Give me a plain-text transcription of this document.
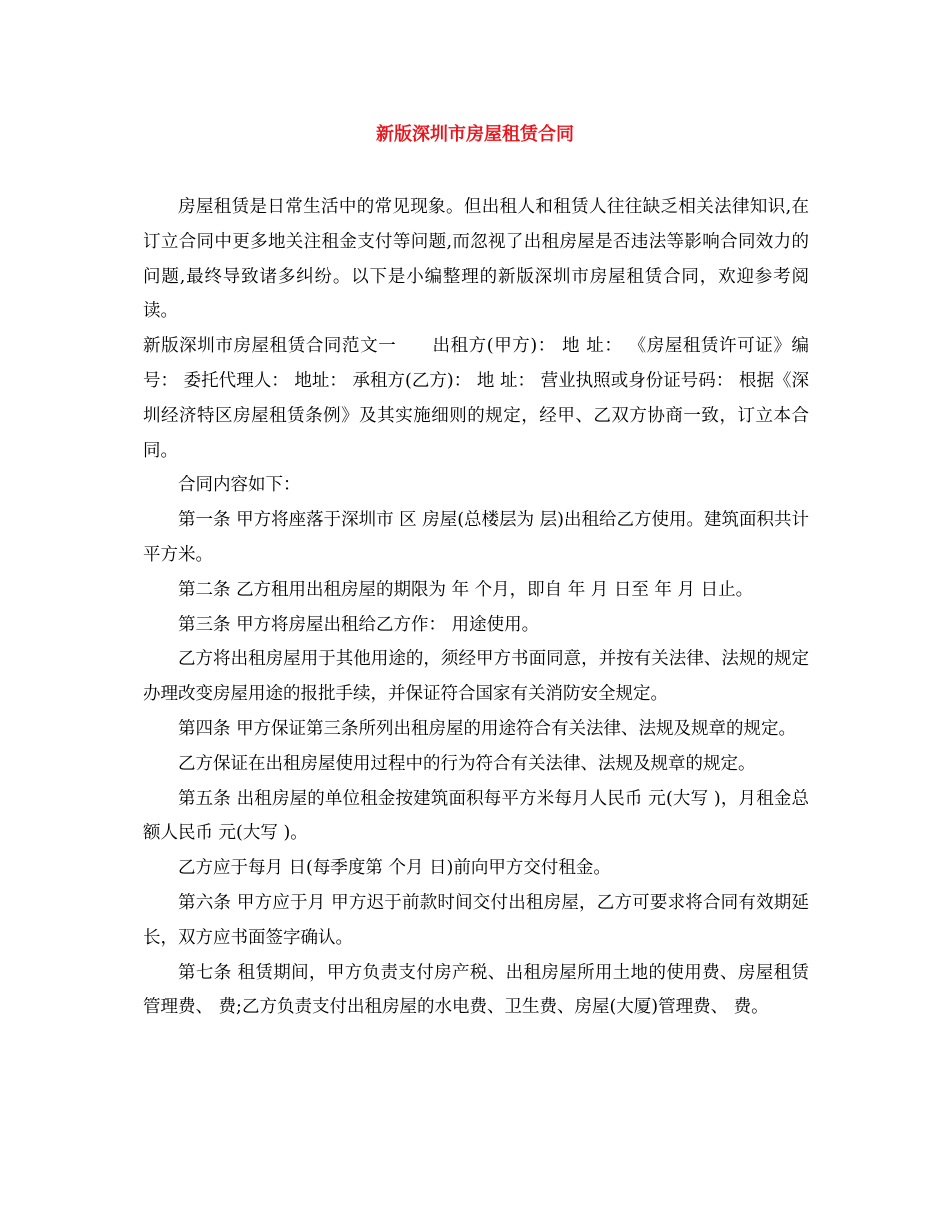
新版深圳市房屋租赁合同

房屋租赁是日常生活中的常见现象。但出租人和租赁人往往缺乏相关法律知识,在订立合同中更多地关注租金支付等问题,而忽视了出租房屋是否违法等影响合同效力的问题,最终导致诸多纠纷。以下是小编整理的新版深圳市房屋租赁合同，欢迎参考阅读。

新版深圳市房屋租赁合同范文一　　出租方(甲方)： 地 址： 《房屋租赁许可证》编号： 委托代理人： 地址： 承租方(乙方)： 地 址： 营业执照或身份证号码： 根据《深圳经济特区房屋租赁条例》及其实施细则的规定，经甲、乙双方协商一致，订立本合同。

合同内容如下：

第一条 甲方将座落于深圳市 区 房屋(总楼层为 层)出租给乙方使用。建筑面积共计 平方米。

第二条 乙方租用出租房屋的期限为 年 个月，即自 年 月 日至 年 月 日止。

第三条 甲方将房屋出租给乙方作： 用途使用。

乙方将出租房屋用于其他用途的，须经甲方书面同意，并按有关法律、法规的规定办理改变房屋用途的报批手续，并保证符合国家有关消防安全规定。

第四条 甲方保证第三条所列出租房屋的用途符合有关法律、法规及规章的规定。

乙方保证在出租房屋使用过程中的行为符合有关法律、法规及规章的规定。

第五条 出租房屋的单位租金按建筑面积每平方米每月人民币 元(大写 )，月租金总额人民币 元(大写 )。

乙方应于每月 日(每季度第 个月 日)前向甲方交付租金。

第六条 甲方应于月 甲方迟于前款时间交付出租房屋，乙方可要求将合同有效期延长，双方应书面签字确认。

第七条 租赁期间，甲方负责支付房产税、出租房屋所用土地的使用费、房屋租赁管理费、 费;乙方负责支付出租房屋的水电费、卫生费、房屋(大厦)管理费、 费。
